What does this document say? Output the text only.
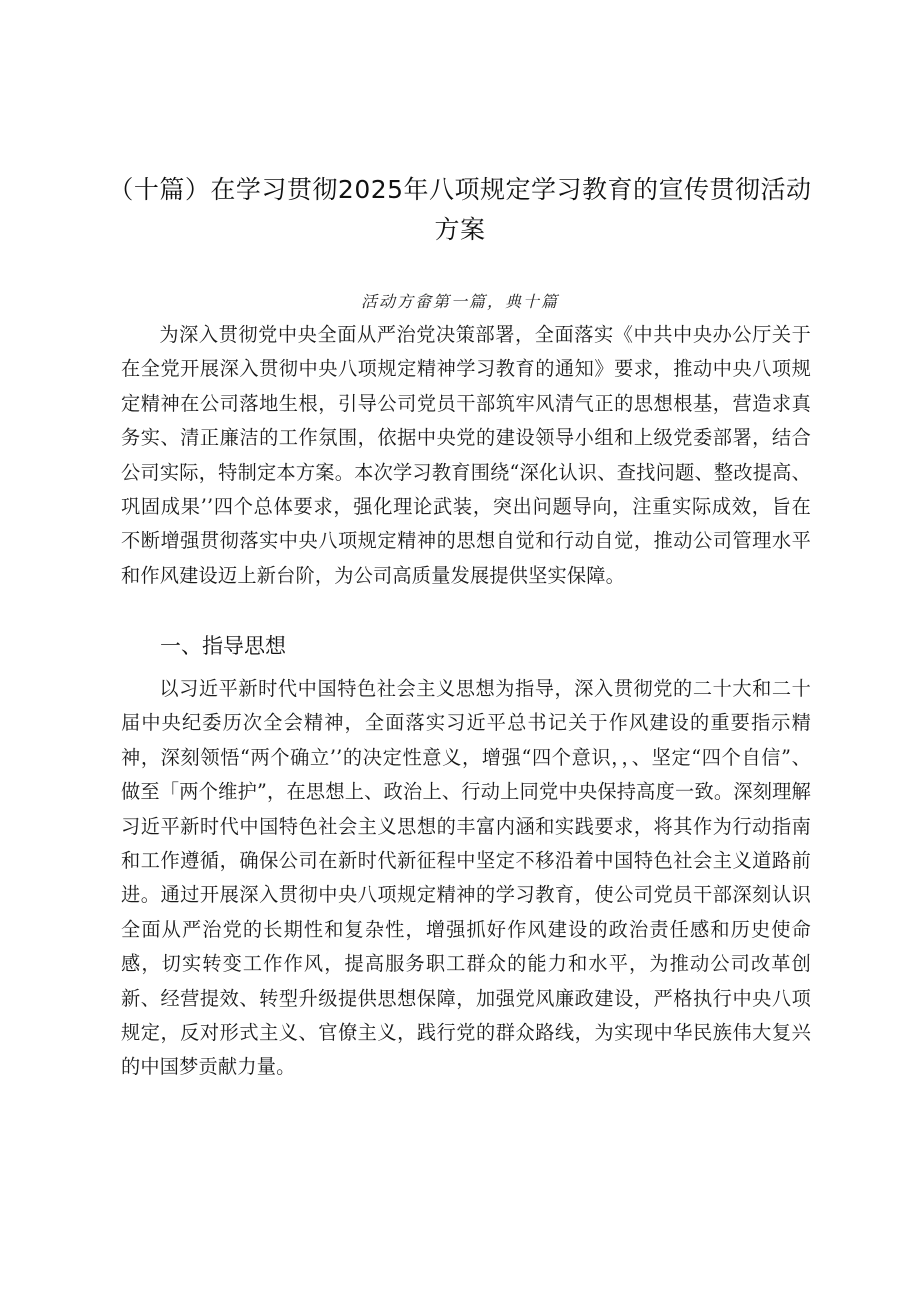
（十篇）在学习贯彻2025年八项规定学习教育的宣传贯彻活动
方案
活动方畲第一篇，典十篇

为深入贯彻党中央全面从严治党决策部署，全面落实《中共中央办公厅关于在全党开展深入贯彻中央八项规定精神学习教育的通知》要求，推动中央八项规定精神在公司落地生根，引导公司党员干部筑牢风清气正的思想根基，营造求真务实、清正廉洁的工作氛围，依据中央党的建设领导小组和上级党委部署，结合公司实际，特制定本方案。本次学习教育围绕“深化认识、查找问题、整改提高、巩固成果’’四个总体要求，强化理论武装，突出问题导向，注重实际成效，旨在不断增强贯彻落实中央八项规定精神的思想自觉和行动自觉，推动公司管理水平和作风建设迈上新台阶，为公司高质量发展提供坚实保障。

一、指导思想

以习近平新时代中国特色社会主义思想为指导，深入贯彻党的二十大和二十届中央纪委历次全会精神，全面落实习近平总书记关于作风建设的重要指示精神，深刻领悟“两个确立’’的决定性意义，增强“四个意识，，、坚定“四个自信”、做至「两个维护”，在思想上、政治上、行动上同党中央保持高度一致。深刻理解习近平新时代中国特色社会主义思想的丰富内涵和实践要求，将其作为行动指南和工作遵循，确保公司在新时代新征程中坚定不移沿着中国特色社会主义道路前进。通过开展深入贯彻中央八项规定精神的学习教育，使公司党员干部深刻认识全面从严治党的长期性和复杂性，增强抓好作风建设的政治责任感和历史使命感，切实转变工作作风，提高服务职工群众的能力和水平，为推动公司改革创新、经营提效、转型升级提供思想保障，加强党风廉政建设，严格执行中央八项规定，反对形式主义、官僚主义，践行党的群众路线，为实现中华民族伟大复兴的中国梦贡献力量。
